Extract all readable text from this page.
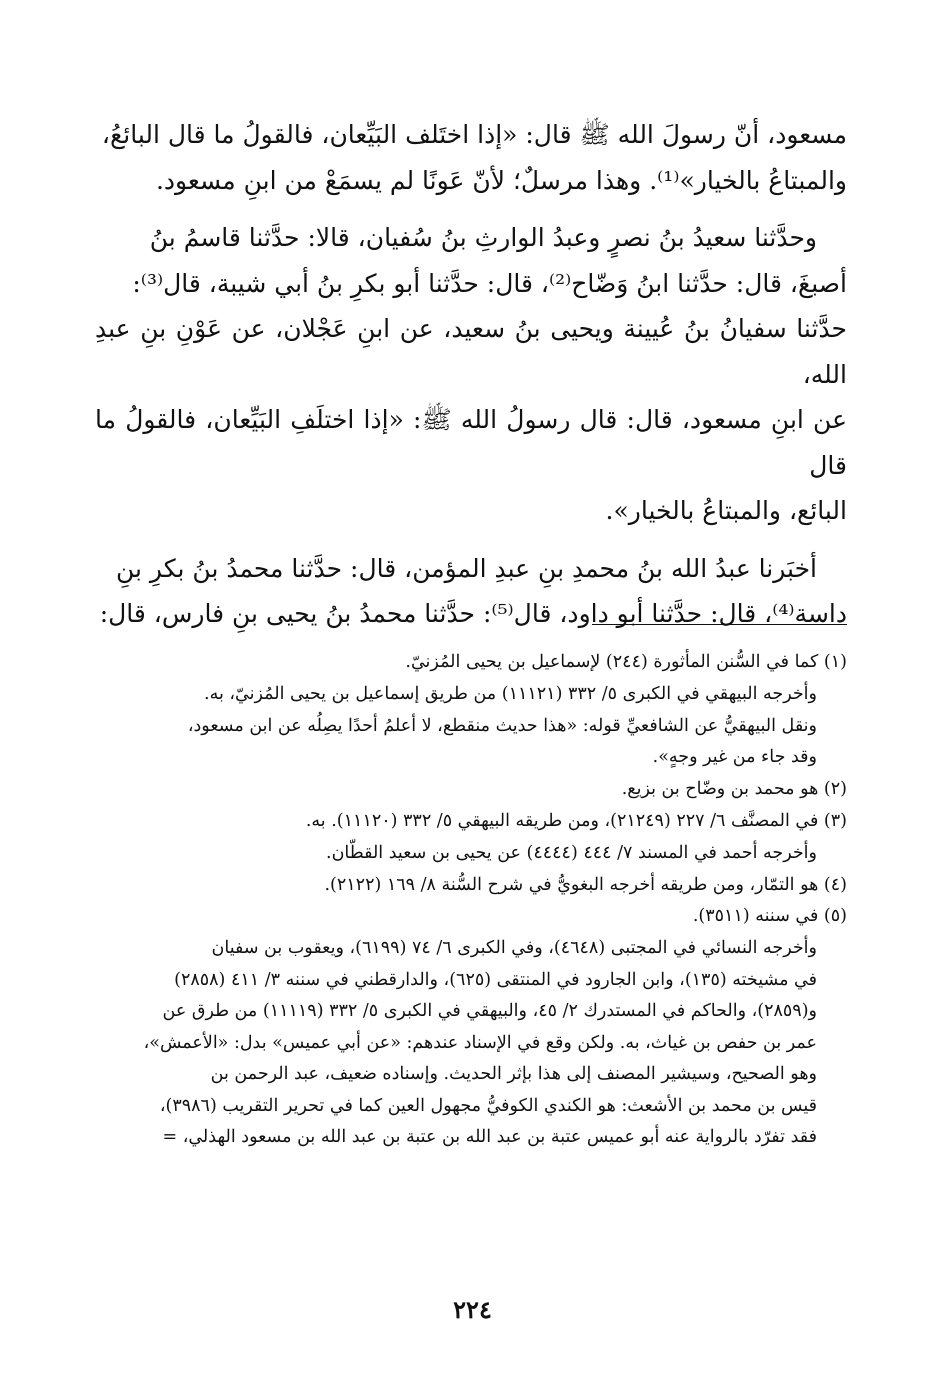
مسعود، أنّ رسولَ الله ﷺ قال: «إذا اختَلف البَيِّعان، فالقولُ ما قال البائعُ،
والمبتاعُ بالخيار»⁽¹⁾. وهذا مرسلٌ؛ لأنّ عَونًا لم يسمَعْ من ابنِ مسعود.

وحدَّثنا سعيدُ بنُ نصرٍ وعبدُ الوارثِ بنُ سُفيان، قالا: حدَّثنا قاسمُ بنُ
أصبغَ، قال: حدَّثنا ابنُ وَضّاح⁽²⁾، قال: حدَّثنا أبو بكرِ بنُ أبي شيبة، قال⁽³⁾:
حدَّثنا سفيانُ بنُ عُيينة ويحيى بنُ سعيد، عن ابنِ عَجْلان، عن عَوْنِ بنِ عبدِ الله،
عن ابنِ مسعود، قال: قال رسولُ الله ﷺ: «إذا اختلَفِ البَيِّعان، فالقولُ ما قال
البائع، والمبتاعُ بالخيار».

أخبَرنا عبدُ الله بنُ محمدِ بنِ عبدِ المؤمن، قال: حدَّثنا محمدُ بنُ بكرِ بنِ
داسة⁽⁴⁾، قال: حدَّثنا أبو داود، قال⁽⁵⁾: حدَّثنا محمدُ بنُ يحيى بنِ فارس، قال:

(١) كما في السُّنن المأثورة (٢٤٤) لإسماعيل بن يحيى المُزنيّ.

وأخرجه البيهقي في الكبرى ٥/ ٣٣٢ (١١١٢١) من طريق إسماعيل بن يحيى المُزنيّ، به.

ونقل البيهقيُّ عن الشافعيِّ قوله: «هذا حديث منقطع، لا أعلمُ أحدًا يصِلُه عن ابن مسعود،

وقد جاء من غير وجهٍ».

(٢) هو محمد بن وضّاح بن بزيع.

(٣) في المصنَّف ٦/ ٢٢٧ (٢١٢٤٩)، ومن طريقه البيهقي ٥/ ٣٣٢ (١١١٢٠). به.

وأخرجه أحمد في المسند ٧/ ٤٤٤ (٤٤٤٤) عن يحيى بن سعيد القطّان.

(٤) هو التمّار، ومن طريقه أخرجه البغويُّ في شرح السُّنة ٨/ ١٦٩ (٢١٢٢).

(٥) في سننه (٣٥١١).

وأخرجه النسائي في المجتبى (٤٦٤٨)، وفي الكبرى ٦/ ٧٤ (٦١٩٩)، ويعقوب بن سفيان

في مشيخته (١٣٥)، وابن الجارود في المنتقى (٦٢٥)، والدارقطني في سننه ٣/ ٤١١ (٢٨٥٨)

و(٢٨٥٩)، والحاكم في المستدرك ٢/ ٤٥، والبيهقي في الكبرى ٥/ ٣٣٢ (١١١١٩) من طرق عن

عمر بن حفص بن غياث، به. ولكن وقع في الإسناد عندهم: «عن أبي عميس» بدل: «الأعمش»،

وهو الصحيح، وسيشير المصنف إلى هذا بإثر الحديث. وإسناده ضعيف، عبد الرحمن بن

قيس بن محمد بن الأشعث: هو الكندي الكوفيُّ مجهول العين كما في تحرير التقريب (٣٩٨٦)،

فقد تفرّد بالرواية عنه أبو عميس عتبة بن عبد الله بن عتبة بن عبد الله بن مسعود الهذلي، =

٢٢٤
